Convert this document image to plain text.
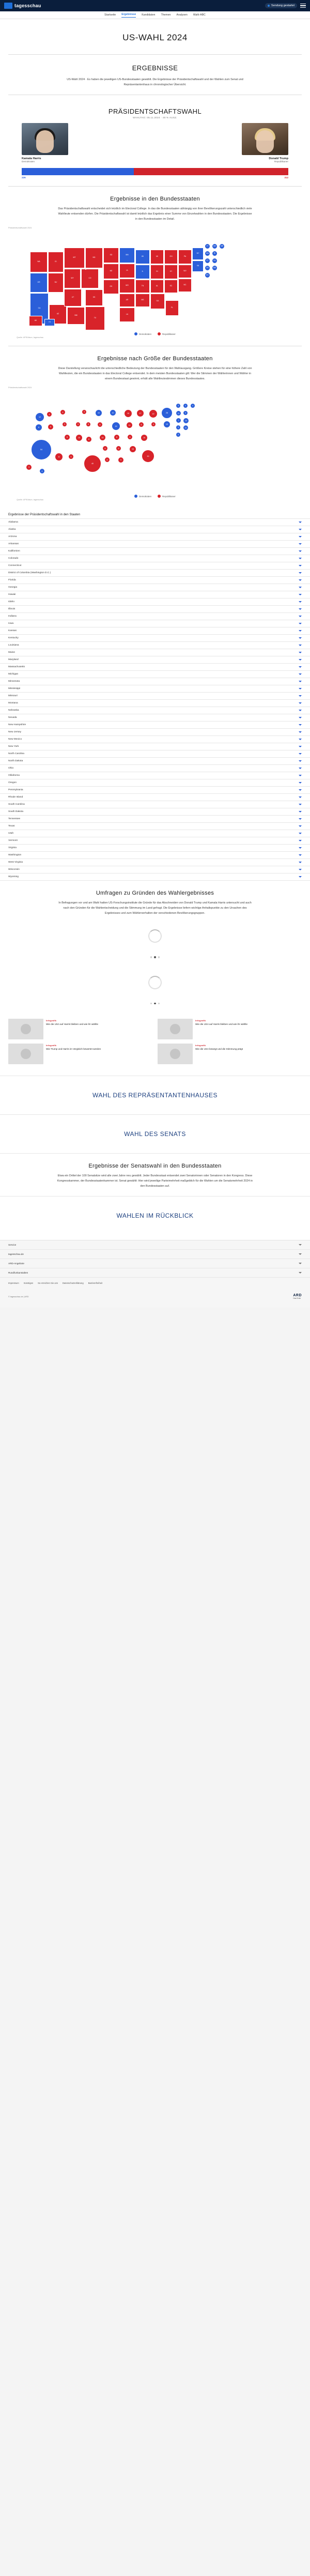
tagesschau	Sendung gestartet
Startseite Ergebnisse Kandidaten Themen Analysen Wahl-ABC
US-WAHL 2024
ERGEBNISSE

US-Wahl 2024 · Es haben die jeweiligen US-Bundesstaaten gewählt. Die Ergebnisse der Präsidentschaftswahl und der Wahlen zum Senat und Repräsentantenhaus in chronologischer Übersicht.

PRÄSIDENTSCHAFTSWAHL
WAHLTAG: 05.11.2024 · 48 % AUSZ.
Kamala Harris
Demokraten
Donald Trump
Republikaner
226	312
Ergebnisse in den Bundesstaaten

Das Präsidentschaftswahl entscheidet sich letztlich im Electoral College. In das die Bundesstaaten abhängig von ihrer Bevölkerungszahl unterschiedlich viele Wahlleute entsenden dürfen. Die Präsidentschaftswahl ist damit letztlich das Ergebnis einer Summe von Einzelwahlen in den Bundesstaaten. Die Ergebnisse in den Bundesstaaten im Detail.

Präsidentschaftswahl 2024
WA
OR
CA
ID
NV
AZ
MT
WY
UT
NM
CO
ND
KS
TX
SD
NE
OK
MN
IA
MO
AR
LA
WI
IL
TN
MS
MI
IN
AL
GA
OH
KY
SC
FL
PA
WV
NC
NY
VA
VT	NH	ME
MA	RI
CT	NJ
DE	MD
DC
AK
HI
Demokraten	Republikaner
Quelle: AP/Edison, tagesschau
Ergebnisse nach Größe der Bundesstaaten

Diese Darstellung veranschaulicht die unterschiedliche Bedeutung der Bundesstaaten für den Wahlausgang. Größere Kreise stehen für eine höhere Zahl von Wahlleuten, die ein Bundesstaaten in das Electoral College entsendet. In dem meisten Bundesstaaten gilt: Wer die Stimmen der Wählerinnen und Wähler in einem Bundesstaat gewinnt, erhält alle Wahlleutestimmen dieses Bundesstaates.

Präsidentschaftswahl 2024
12
8
54
4
6
11
4
3
6
5
3
10
3
5
6
40
10
6
10
6
8
10
19
8
6
9
15
11
8
16
17
8
16
30
19
4
28
13
3	4	4
11	4
7	14
3	10
3
3
4
Demokraten	Republikaner
Quelle: AP/Edison, tagesschau
Ergebnisse der Präsidentschaftswahl in den Staaten
Alabama
Alaska
Arizona
Arkansas
Kalifornien
Colorado
Connecticut
District of Columbia (Washington D.C.)
Florida
Georgia
Hawaii
Idaho
Illinois
Indiana
Iowa
Kansas
Kentucky
Louisiana
Maine
Maryland
Massachusetts
Michigan
Minnesota
Mississippi
Missouri
Montana
Nebraska
Nevada
New Hampshire
New Jersey
New Mexico
New York
North Carolina
North Dakota
Ohio
Oklahoma
Oregon
Pennsylvania
Rhode Island
South Carolina
South Dakota
Tennessee
Texas
Utah
Vermont
Virginia
Washington
West Virginia
Wisconsin
Wyoming
Umfragen zu Gründen des Wahlergebnisses

In Befragungen vor und am Wahl hatten US-Forschungsinstitute die Gründe für das Abschneiden von Donald Trump und Kamala Harris untersucht und auch nach den Gründen für die Wahlentscheidung und die Stimmung im Land gefragt. Die Ergebnisse liefern wichtige Anhaltspunkte zu den Ursachen des Ergebnisses und zum Wählerverhalten der verschiedenen Bevölkerungsgruppen.

Infografik
Wie die USA auf Harris bleiben und wie ihr wählte
Infografik
Wie die USA auf Harris bleiben und wie ihr wählte
Infografik
Wie Trump und Harris im Vergleich bewertet werden
Infografik
Wie die USA bewegt und die Stimmung prägt
WAHL DES REPRÄSENTANTENHAUSES
WAHL DES SENATS
Ergebnisse der Senatswahl in den Bundesstaaten

Etwa ein Drittel der 100 Senatsitze wird alle zwei Jahre neu gewählt. Jeder Bundesstaat entsendet zwei Senatorinnen oder Senatoren in den Kongress. Diese Kongresskammer, der Bundesstaatenkammer ist. Senat gewählt: Hier wird jeweilige Parteimehrheit maßgeblich für die Wahlen um die Senatsmehrheit 2024 in den Bundesstaaten auf.

WAHLEN IM RÜCKBLICK
Service
tagesschau.de
ARD-Angebote
Rundfunkanstalten
Impressum Sonstiges So erreichen Sie uns Datenschutzerklärung Barrierefreiheit
© tagesschau.de | ARD	ARD
Das Erste
